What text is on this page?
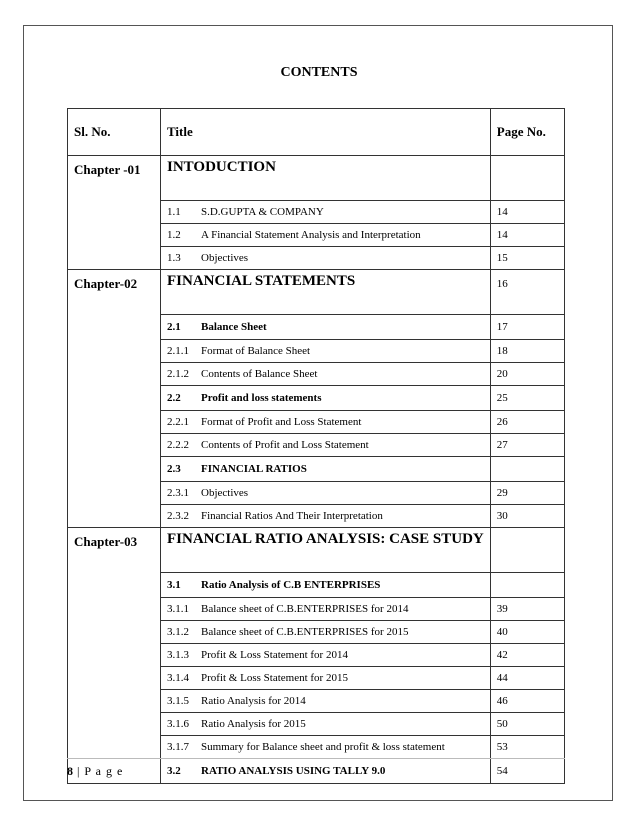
CONTENTS
Sl. No.	Title	Page No.
Chapter -01	INTODUCTION	
	1.1 S.D.GUPTA & COMPANY	14
	1.2 A Financial Statement Analysis and Interpretation	14
	1.3 Objectives	15
Chapter-02	FINANCIAL STATEMENTS	16
	2.1 Balance Sheet	17
	2.1.1 Format of Balance Sheet	18
	2.1.2 Contents of Balance Sheet	20
	2.2 Profit and loss statements	25
	2.2.1 Format of Profit and Loss Statement	26
	2.2.2 Contents of Profit and Loss Statement	27
	2.3 FINANCIAL RATIOS	
	2.3.1 Objectives	29
	2.3.2 Financial Ratios And Their Interpretation	30
Chapter-03	FINANCIAL RATIO ANALYSIS: CASE STUDY	
	3.1 Ratio Analysis of C.B ENTERPRISES	
	3.1.1 Balance sheet of C.B.ENTERPRISES for 2014	39
	3.1.2 Balance sheet of C.B.ENTERPRISES for 2015	40
	3.1.3 Profit & Loss Statement for 2014	42
	3.1.4 Profit & Loss Statement for 2015	44
	3.1.5 Ratio Analysis for 2014	46
	3.1.6 Ratio Analysis for 2015	50
	3.1.7 Summary for Balance sheet and profit & loss statement	53
	3.2 RATIO ANALYSIS USING TALLY 9.0	54
8 | P a g e
